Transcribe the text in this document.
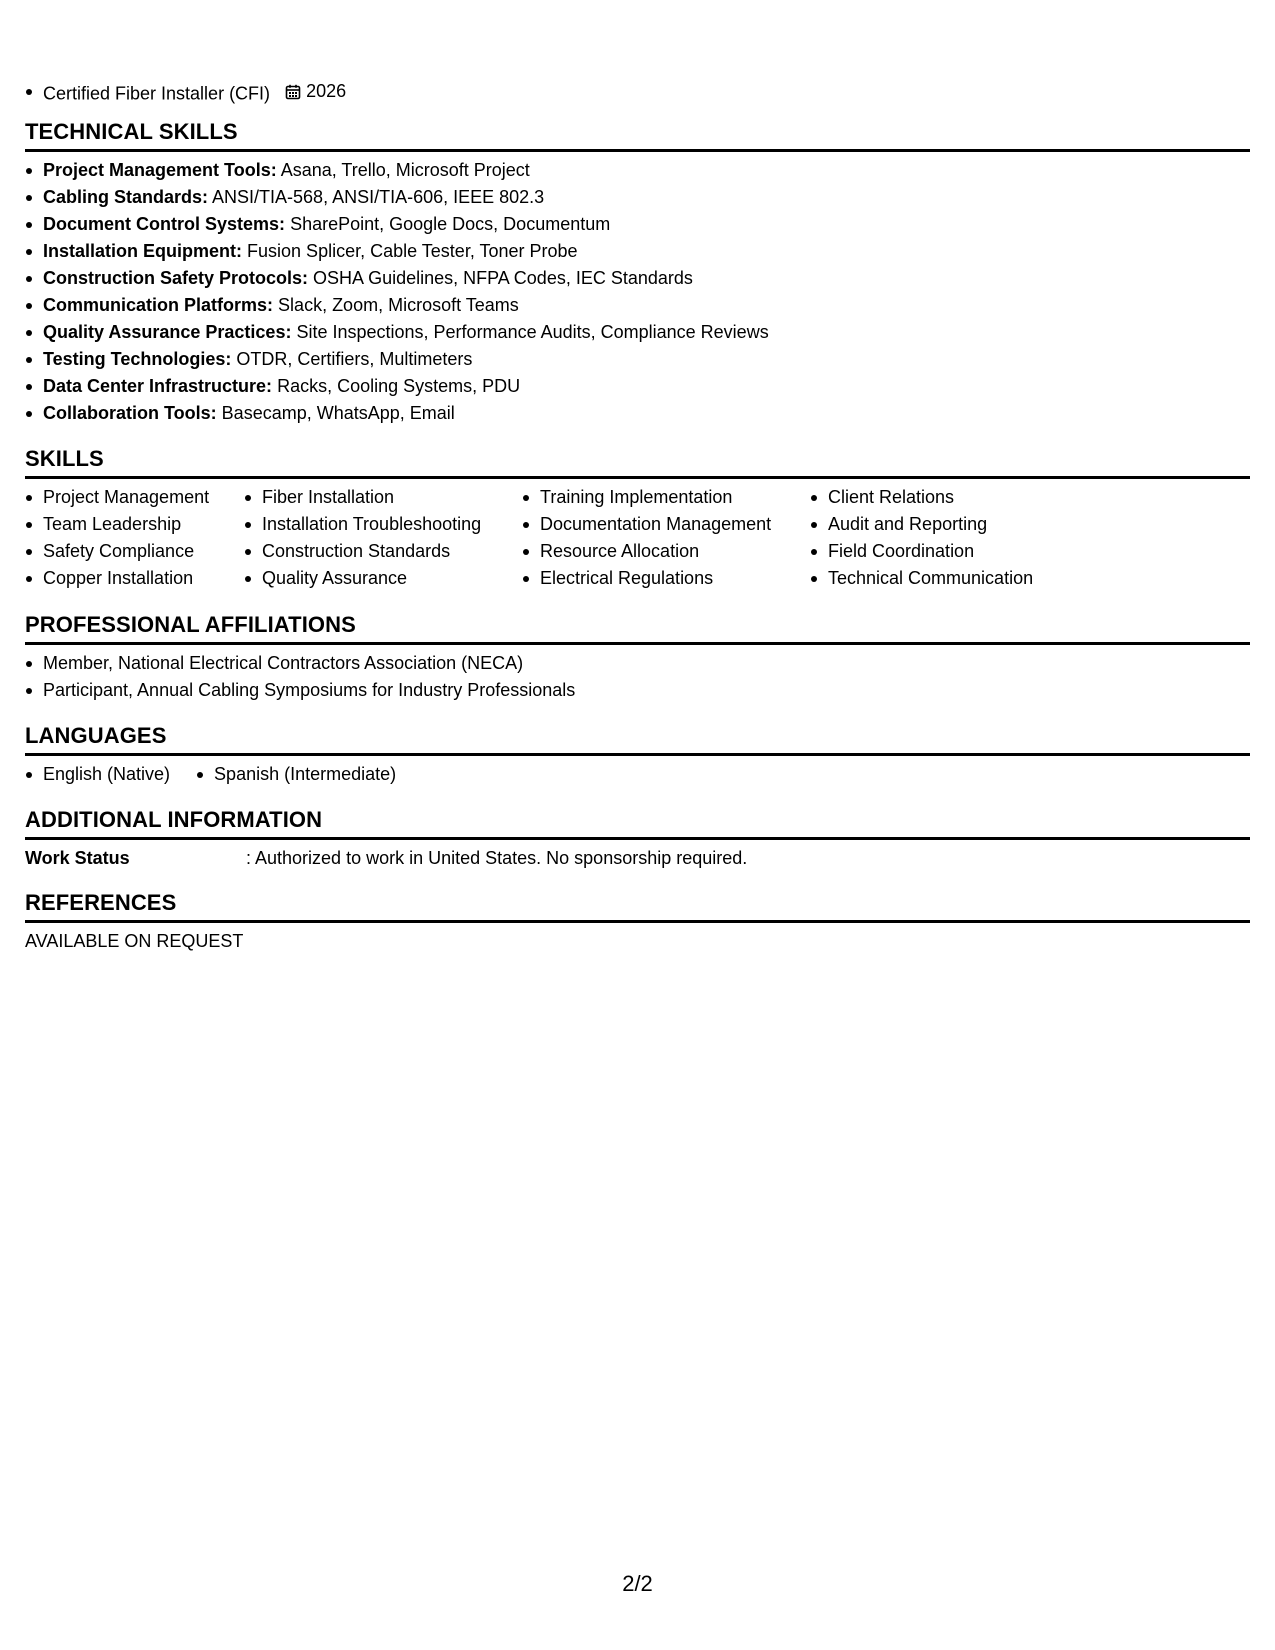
Certified Fiber Installer (CFI) 2026
TECHNICAL SKILLS
Project Management Tools: Asana, Trello, Microsoft Project
Cabling Standards: ANSI/TIA-568, ANSI/TIA-606, IEEE 802.3
Document Control Systems: SharePoint, Google Docs, Documentum
Installation Equipment: Fusion Splicer, Cable Tester, Toner Probe
Construction Safety Protocols: OSHA Guidelines, NFPA Codes, IEC Standards
Communication Platforms: Slack, Zoom, Microsoft Teams
Quality Assurance Practices: Site Inspections, Performance Audits, Compliance Reviews
Testing Technologies: OTDR, Certifiers, Multimeters
Data Center Infrastructure: Racks, Cooling Systems, PDU
Collaboration Tools: Basecamp, WhatsApp, Email
SKILLS
Project Management
Team Leadership
Safety Compliance
Copper Installation
Fiber Installation
Installation Troubleshooting
Construction Standards
Quality Assurance
Training Implementation
Documentation Management
Resource Allocation
Electrical Regulations
Client Relations
Audit and Reporting
Field Coordination
Technical Communication
PROFESSIONAL AFFILIATIONS
Member, National Electrical Contractors Association (NECA)
Participant, Annual Cabling Symposiums for Industry Professionals
LANGUAGES
English (Native)	Spanish (Intermediate)
ADDITIONAL INFORMATION
Work Status	: Authorized to work in United States. No sponsorship required.
REFERENCES
AVAILABLE ON REQUEST
2/2
